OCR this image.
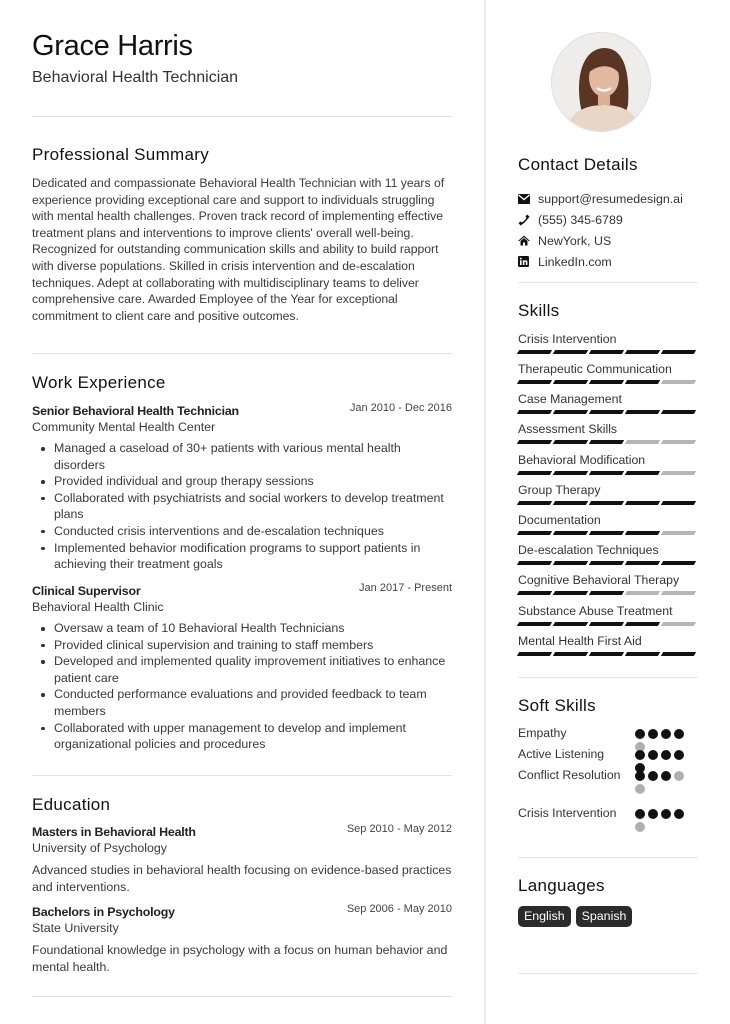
Grace Harris
Behavioral Health Technician
Professional Summary
Dedicated and compassionate Behavioral Health Technician with 11 years of experience providing exceptional care and support to individuals struggling with mental health challenges. Proven track record of implementing effective treatment plans and interventions to improve clients' overall well-being. Recognized for outstanding communication skills and ability to build rapport with diverse populations. Skilled in crisis intervention and de-escalation techniques. Adept at collaborating with multidisciplinary teams to deliver comprehensive care. Awarded Employee of the Year for exceptional commitment to client care and positive outcomes.
Work Experience
Senior Behavioral Health Technician	Jan 2010 - Dec 2016
Community Mental Health Center
Managed a caseload of 30+ patients with various mental health disorders
Provided individual and group therapy sessions
Collaborated with psychiatrists and social workers to develop treatment plans
Conducted crisis interventions and de-escalation techniques
Implemented behavior modification programs to support patients in achieving their treatment goals
Clinical Supervisor	Jan 2017 - Present
Behavioral Health Clinic
Oversaw a team of 10 Behavioral Health Technicians
Provided clinical supervision and training to staff members
Developed and implemented quality improvement initiatives to enhance patient care
Conducted performance evaluations and provided feedback to team members
Collaborated with upper management to develop and implement organizational policies and procedures
Education
Masters in Behavioral Health	Sep 2010 - May 2012
University of Psychology
Advanced studies in behavioral health focusing on evidence-based practices and interventions.
Bachelors in Psychology	Sep 2006 - May 2010
State University
Foundational knowledge in psychology with a focus on human behavior and mental health.
Contact Details
support@resumedesign.ai
(555) 345-6789
NewYork, US
LinkedIn.com
Skills
Crisis Intervention
Therapeutic Communication
Case Management
Assessment Skills
Behavioral Modification
Group Therapy
Documentation
De-escalation Techniques
Cognitive Behavioral Therapy
Substance Abuse Treatment
Mental Health First Aid
Soft Skills
Empathy
Active Listening
Conflict Resolution
Crisis Intervention
Languages
English	Spanish
